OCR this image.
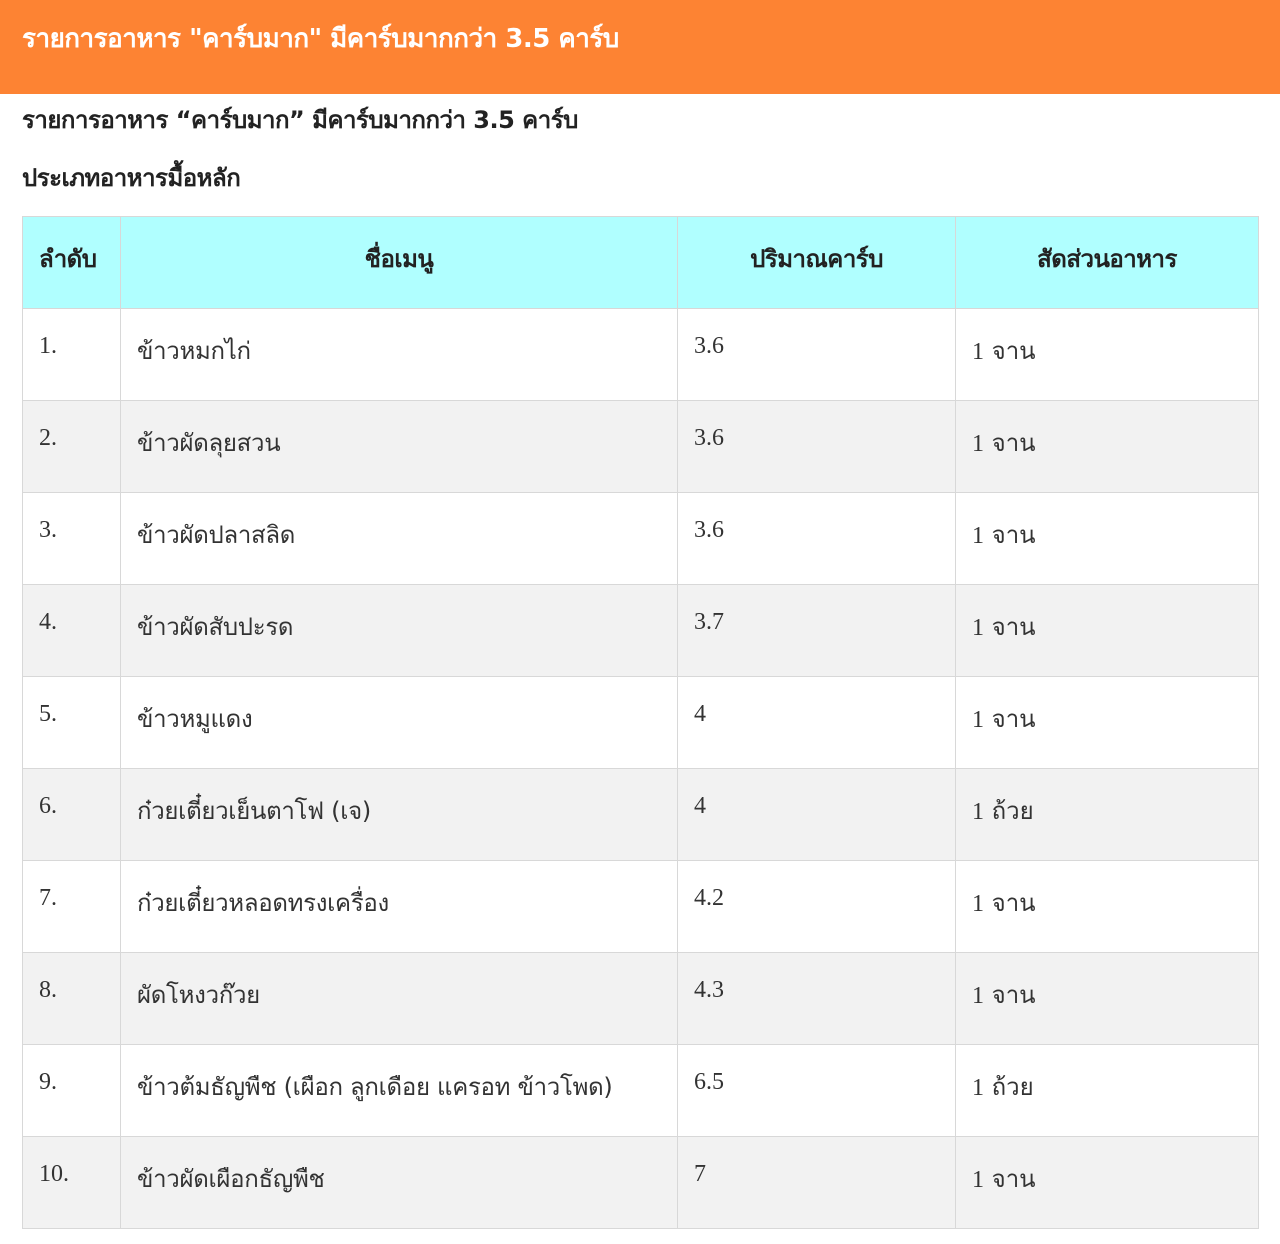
รายการอาหาร "คาร์บมาก" มีคาร์บมากกว่า 3.5 คาร์บ
รายการอาหาร “คาร์บมาก” มีคาร์บมากกว่า 3.5 คาร์บ
ประเภทอาหารมื้อหลัก
ลำดับ	ชื่อเมนู	ปริมาณคาร์บ	สัดส่วนอาหาร
1.	ข้าวหมกไก่	3.6	1 จาน
2.	ข้าวผัดลุยสวน	3.6	1 จาน
3.	ข้าวผัดปลาสลิด	3.6	1 จาน
4.	ข้าวผัดสับปะรด	3.7	1 จาน
5.	ข้าวหมูแดง	4	1 จาน
6.	ก๋วยเตี๋ยวเย็นตาโฟ (เจ)	4	1 ถ้วย
7.	ก๋วยเตี๋ยวหลอดทรงเครื่อง	4.2	1 จาน
8.	ผัดโหงวก๊วย	4.3	1 จาน
9.	ข้าวต้มธัญพืช (เผือก ลูกเดือย แครอท ข้าวโพด)	6.5	1 ถ้วย
10.	ข้าวผัดเผือกธัญพืช	7	1 จาน
